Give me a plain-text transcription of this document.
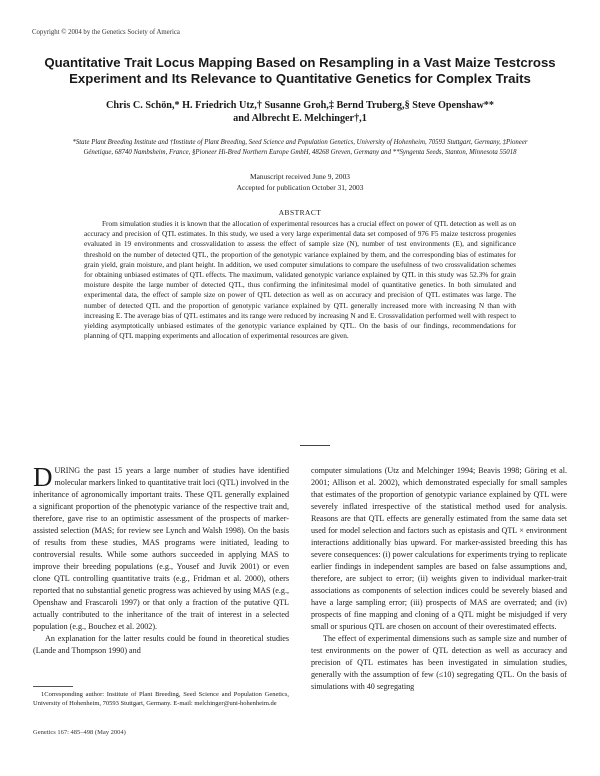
Copyright © 2004 by the Genetics Society of America
Quantitative Trait Locus Mapping Based on Resampling in a Vast Maize Testcross Experiment and Its Relevance to Quantitative Genetics for Complex Traits
Chris C. Schön,* H. Friedrich Utz,† Susanne Groh,‡ Bernd Truberg,§ Steve Openshaw**
and Albrecht E. Melchinger†,1
*State Plant Breeding Institute and †Institute of Plant Breeding, Seed Science and Population Genetics, University of Hohenheim, 70593 Stuttgart, Germany, ‡Pioneer Génetique, 68740 Nambsheim, France, §Pioneer Hi-Bred Northern Europe GmbH, 48268 Greven, Germany and **Syngenta Seeds, Stanton, Minnesota 55018
Manuscript received June 9, 2003
Accepted for publication October 31, 2003
ABSTRACT
From simulation studies it is known that the allocation of experimental resources has a crucial effect on power of QTL detection as well as on accuracy and precision of QTL estimates. In this study, we used a very large experimental data set composed of 976 F5 maize testcross progenies evaluated in 19 environments and crossvalidation to assess the effect of sample size (N), number of test environments (E), and significance threshold on the number of detected QTL, the proportion of the genotypic variance explained by them, and the corresponding bias of estimates for grain yield, grain moisture, and plant height. In addition, we used computer simulations to compare the usefulness of two crossvalidation schemes for obtaining unbiased estimates of QTL effects. The maximum, validated genotypic variance explained by QTL in this study was 52.3% for grain moisture despite the large number of detected QTL, thus confirming the infinitesimal model of quantitative genetics. In both simulated and experimental data, the effect of sample size on power of QTL detection as well as on accuracy and precision of QTL estimates was large. The number of detected QTL and the proportion of genotypic variance explained by QTL generally increased more with increasing N than with increasing E. The average bias of QTL estimates and its range were reduced by increasing N and E. Crossvalidation performed well with respect to yielding asymptotically unbiased estimates of the genotypic variance explained by QTL. On the basis of our findings, recommendations for planning of QTL mapping experiments and allocation of experimental resources are given.

DURING the past 15 years a large number of studies have identified molecular markers linked to quantitative trait loci (QTL) involved in the inheritance of agronomically important traits. These QTL generally explained a significant proportion of the phenotypic variance of the respective trait and, therefore, gave rise to an optimistic assessment of the prospects of marker-assisted selection (MAS; for review see Lynch and Walsh 1998). On the basis of results from these studies, MAS programs were initiated, leading to controversial results. While some authors succeeded in applying MAS to improve their breeding populations (e.g., Yousef and Juvik 2001) or even clone QTL controlling quantitative traits (e.g., Fridman et al. 2000), others reported that no substantial genetic progress was achieved by using MAS (e.g., Openshaw and Frascaroli 1997) or that only a fraction of the putative QTL actually contributed to the inheritance of the trait of interest in a selected population (e.g., Bouchez et al. 2002).

An explanation for the latter results could be found in theoretical studies (Lande and Thompson 1990) and

computer simulations (Utz and Melchinger 1994; Beavis 1998; Göring et al. 2001; Allison et al. 2002), which demonstrated especially for small samples that estimates of the proportion of genotypic variance explained by QTL were severely inflated irrespective of the statistical method used for analysis. Reasons are that QTL effects are generally estimated from the same data set used for model selection and factors such as epistasis and QTL × environment interactions additionally bias upward. For marker-assisted breeding this has severe consequences: (i) power calculations for experiments trying to replicate earlier findings in independent samples are based on false assumptions and, therefore, are subject to error; (ii) weights given to individual marker-trait associations as components of selection indices could be severely biased and have a large sampling error; (iii) prospects of MAS are overrated; and (iv) prospects of fine mapping and cloning of a QTL might be misjudged if very small or spurious QTL are chosen on account of their overestimated effects.

The effect of experimental dimensions such as sample size and number of test environments on the power of QTL detection as well as accuracy and precision of QTL estimates has been investigated in simulation studies, generally with the assumption of few (≤10) segregating QTL. On the basis of simulations with 40 segregating

1Corresponding author: Institute of Plant Breeding, Seed Science and Population Genetics, University of Hohenheim, 70593 Stuttgart, Germany. E-mail: melchinger@uni-hohenheim.de
Genetics 167: 485–498 (May 2004)
